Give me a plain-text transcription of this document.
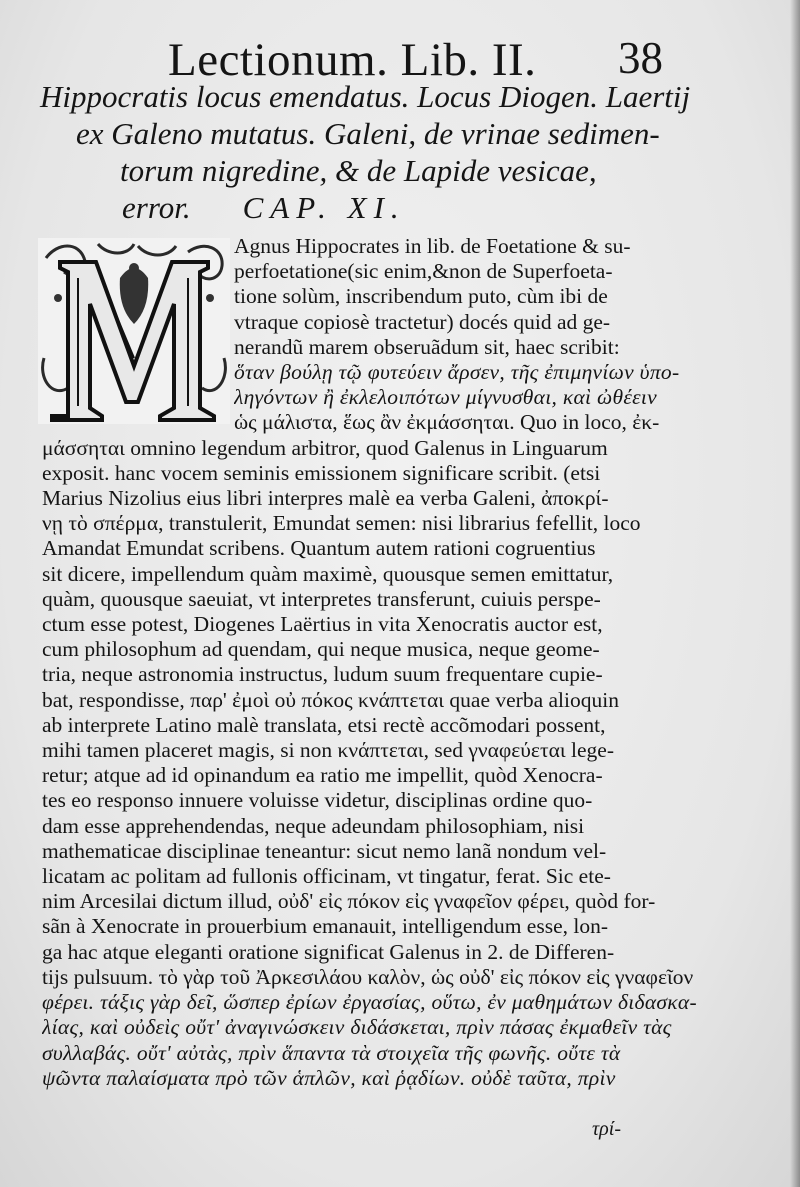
Lectionum. Lib. II. 38
Hippocratis locus emendatus. Locus Diogen. Laertij
ex Galeno mutatus. Galeni, de vrinae sedimen-
torum nigredine, & de Lapide vesicae,
error. CAP. XI.
Agnus Hippocrates in lib. de Foetatione & su-
perfoetatione(sic enim,&non de Superfoeta-
tione solùm, inscribendum puto, cùm ibi de
vtraque copiosè tractetur) docés quid ad ge-
nerandũ marem obseruãdum sit, haec scribit:
ὅταν βούλῃ τῷ φυτεύειν ἄρσεν, τῆς ἐπιμηνίων ὑπο-
ληγόντων ἢ ἐκλελοιπότων μίγνυσθαι, καὶ ὠθέειν
ὡς μάλιστα, ἕως ἂν ἐκμάσσηται. Quo in loco, ἐκ-
μάσσηται omnino legendum arbitror, quod Galenus in Linguarum
exposit. hanc vocem seminis emissionem significare scribit. (etsi
Marius Nizolius eius libri interpres malè ea verba Galeni, ἀποκρί-
νῃ τὸ σπέρμα, transtulerit, Emundat semen: nisi librarius fefellit, loco
Amandat Emundat scribens. Quantum autem rationi cogruentius
sit dicere, impellendum quàm maximè, quousque semen emittatur,
quàm, quousque saeuiat, vt interpretes transferunt, cuiuis perspe-
ctum esse potest, Diogenes Laërtius in vita Xenocratis auctor est,
cum philosophum ad quendam, qui neque musica, neque geome-
tria, neque astronomia instructus, ludum suum frequentare cupie-
bat, respondisse, παρ' ἐμοὶ οὐ πόκος κνάπτεται quae verba alioquin
ab interprete Latino malè translata, etsi rectè accõmodari possent,
mihi tamen placeret magis, si non κνάπτεται, sed γναφεύεται lege-
retur; atque ad id opinandum ea ratio me impellit, quòd Xenocra-
tes eo responso innuere voluisse videtur, disciplinas ordine quo-
dam esse apprehendendas, neque adeundam philosophiam, nisi
mathematicae disciplinae teneantur: sicut nemo lanã nondum vel-
licatam ac politam ad fullonis officinam, vt tingatur, ferat. Sic ete-
nim Arcesilai dictum illud, οὐδ' εἰς πόκον εἰς γναφεῖον φέρει, quòd for-
sãn à Xenocrate in prouerbium emanauit, intelligendum esse, lon-
ga hac atque eleganti oratione significat Galenus in 2. de Differen-
tijs pulsuum. τὸ γὰρ τοῦ Ἀρκεσιλάου καλὸν, ὡς οὐδ' εἰς πόκον εἰς γναφεῖον
φέρει. τάξις γὰρ δεῖ, ὥσπερ ἐρίων ἐργασίας, οὕτω, ἐν μαθημάτων διδασκα-
λίας, καὶ οὐδεὶς οὔτ' ἀναγινώσκειν διδάσκεται, πρὶν πάσας ἐκμαθεῖν τὰς
συλλαβάς. οὔτ' αὐτὰς, πρὶν ἅπαντα τὰ στοιχεῖα τῆς φωνῆς. οὔτε τὰ
ψῶντα παλαίσματα πρὸ τῶν ἁπλῶν, καὶ ῥᾳδίων. οὐδὲ ταῦτα, πρὶν
τρί-
